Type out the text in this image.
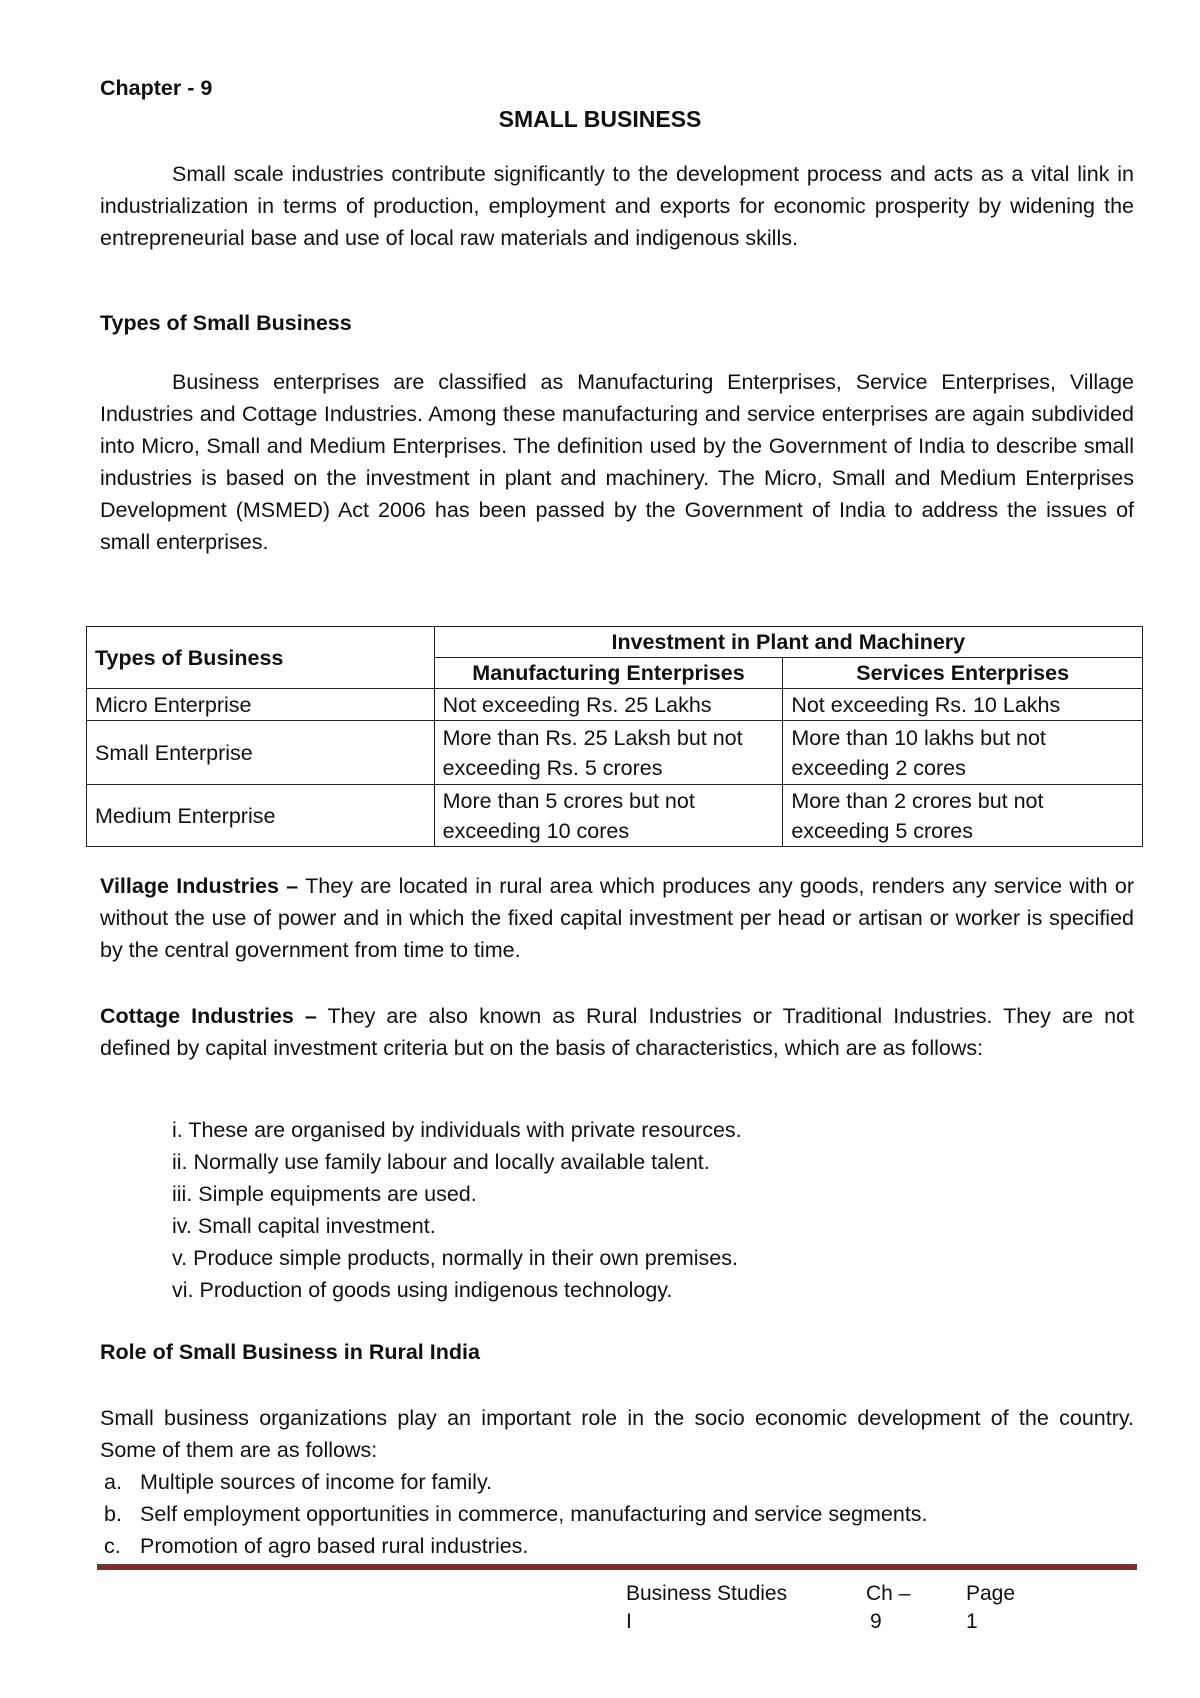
Chapter - 9
SMALL BUSINESS

Small scale industries contribute significantly to the development process and acts as a vital link in industrialization in terms of production, employment and exports for economic prosperity by widening the entrepreneurial base and use of local raw materials and indigenous skills.

Types of Small Business

Business enterprises are classified as Manufacturing Enterprises, Service Enterprises, Village Industries and Cottage Industries. Among these manufacturing and service enterprises are again subdivided into Micro, Small and Medium Enterprises. The definition used by the Government of India to describe small industries is based on the investment in plant and machinery. The Micro, Small and Medium Enterprises Development (MSMED) Act 2006 has been passed by the Government of India to address the issues of small enterprises.

Types of Business	Investment in Plant and Machinery	
	Manufacturing Enterprises	Services Enterprises
Micro Enterprise	Not exceeding Rs. 25 Lakhs	Not exceeding Rs. 10 Lakhs
Small Enterprise	More than Rs. 25 Laksh but not exceeding Rs. 5 crores	More than 10 lakhs but not exceeding 2 cores
Medium Enterprise	More than 5 crores but not exceeding 10 cores	More than 2 crores but not exceeding 5 crores

Village Industries – They are located in rural area which produces any goods, renders any service with or without the use of power and in which the fixed capital investment per head or artisan or worker is specified by the central government from time to time.

Cottage Industries – They are also known as Rural Industries or Traditional Industries. They are not defined by capital investment criteria but on the basis of characteristics, which are as follows:

i. These are organised by individuals with private resources.
ii. Normally use family labour and locally available talent.
iii. Simple equipments are used.
iv. Small capital investment.
v. Produce simple products, normally in their own premises.
vi. Production of goods using indigenous technology.

Role of Small Business in Rural India

Small business organizations play an important role in the socio economic development of the country. Some of them are as follows:

a. Multiple sources of income for family.
b. Self employment opportunities in commerce, manufacturing and service segments.
c. Promotion of agro based rural industries.
Business Studies
I
Ch –
9
Page
1
